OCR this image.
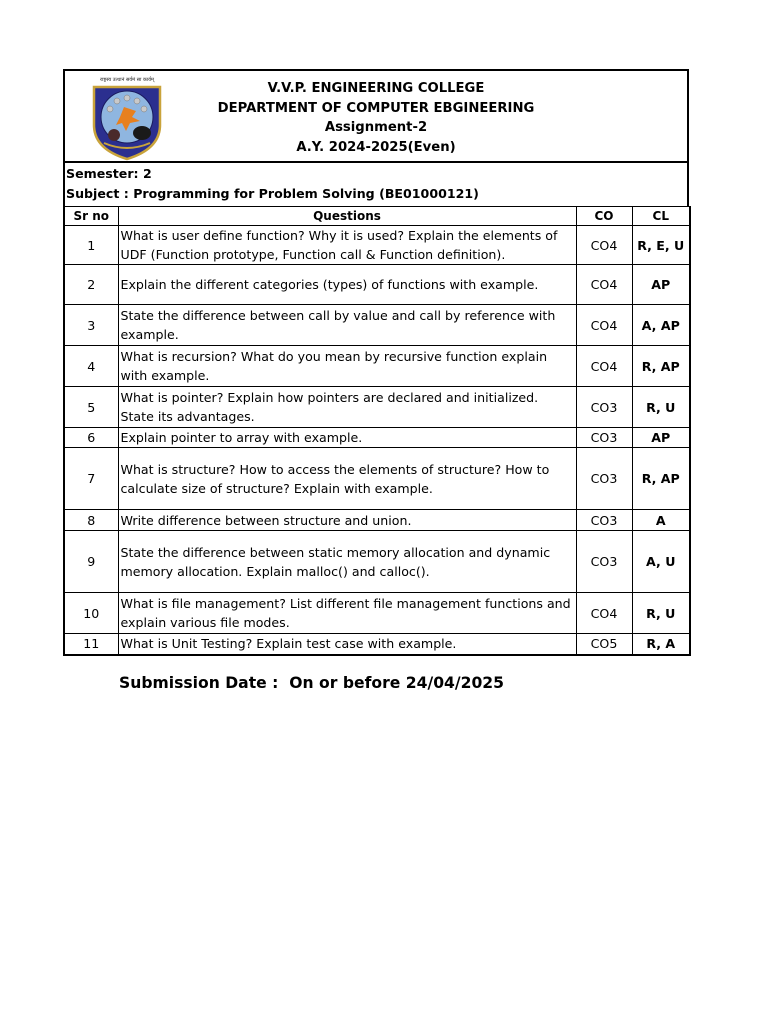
राष्ट्रस्य उत्थानं सर्वमं सा कार्यम्
V.V.P. ENGINEERING COLLEGE
DEPARTMENT OF COMPUTER EBGINEERING
Assignment-2
A.Y. 2024-2025(Even)
Semester: 2
Subject : Programming for Problem Solving (BE01000121)
Sr no	Questions	CO	CL
1	What is user define function? Why it is used? Explain the elements of UDF (Function prototype, Function call & Function definition).	CO4	R, E, U
2	Explain the different categories (types) of functions with example.	CO4	AP
3	State the difference between call by value and call by reference with example.	CO4	A, AP
4	What is recursion? What do you mean by recursive function explain with example.	CO4	R, AP
5	What is pointer? Explain how pointers are declared and initialized. State its advantages.	CO3	R, U
6	Explain pointer to array with example.	CO3	AP
7	What is structure? How to access the elements of structure? How to calculate size of structure? Explain with example.	CO3	R, AP
8	Write difference between structure and union.	CO3	A
9	State the difference between static memory allocation and dynamic memory allocation. Explain malloc() and calloc().	CO3	A, U
10	What is file management? List different file management functions and explain various file modes.	CO4	R, U
11	What is Unit Testing? Explain test case with example.	CO5	R, A
Submission Date :  On or before 24/04/2025
